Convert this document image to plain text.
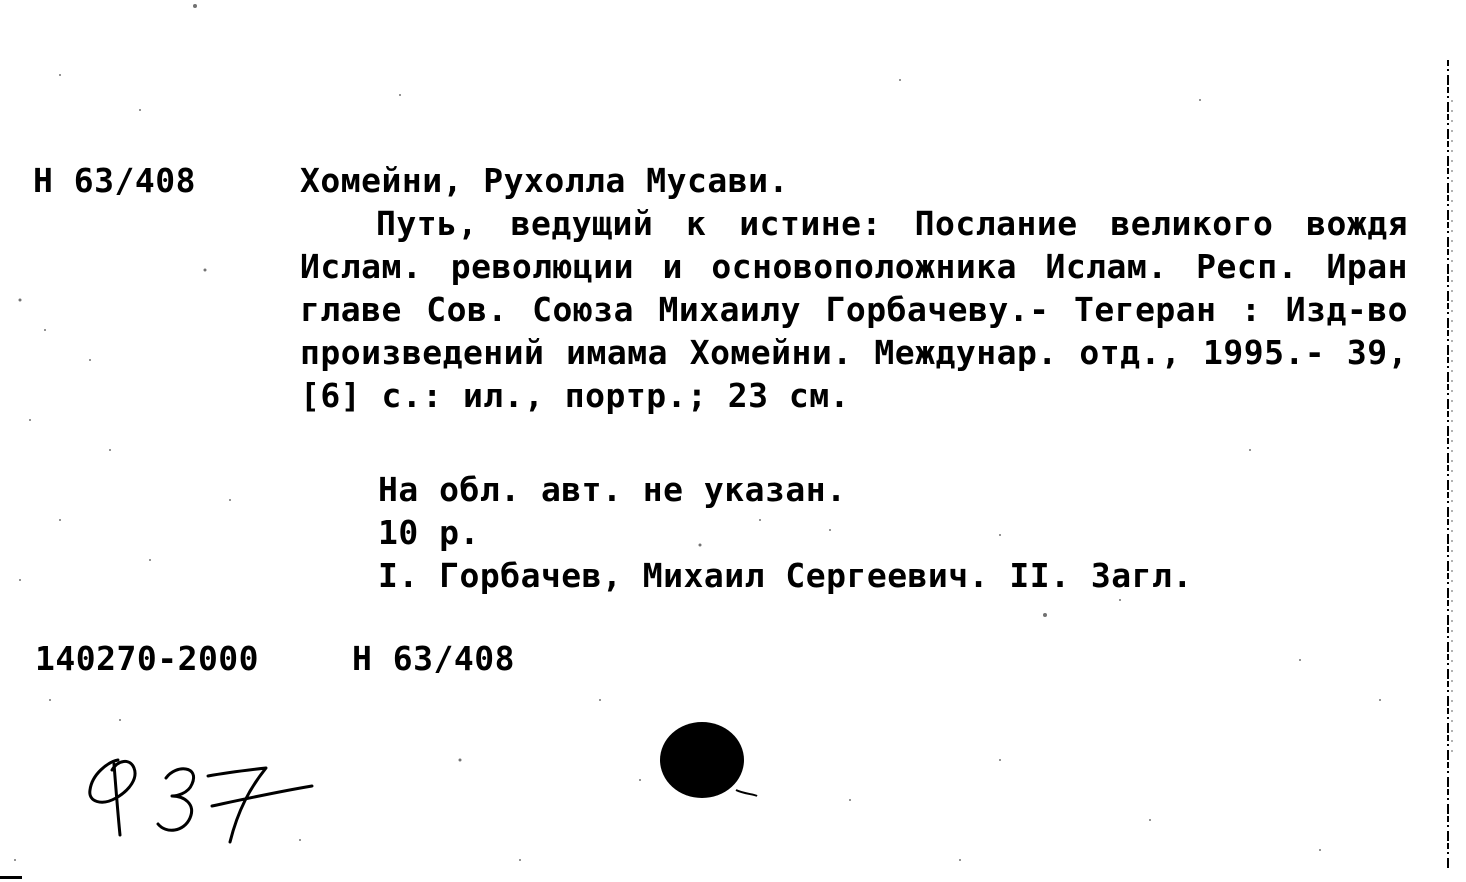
Н 63/408	Хомейни, Рухолла Мусави.

Путь, ведущий к истине: Послание великого вождя Ислам. революции и основоположника Ислам. Респ. Иран главе Сов. Союза Михаилу Горбачеву.- Тегеран : Изд-во произведений имама Хомейни. Междунар. отд., 1995.- 39, [6] с.: ил., портр.; 23 см.

На обл. авт. не указан.

10 р.

I. Горбачев, Михаил Сергеевич. II. Загл.

140270-2000	Н 63/408
